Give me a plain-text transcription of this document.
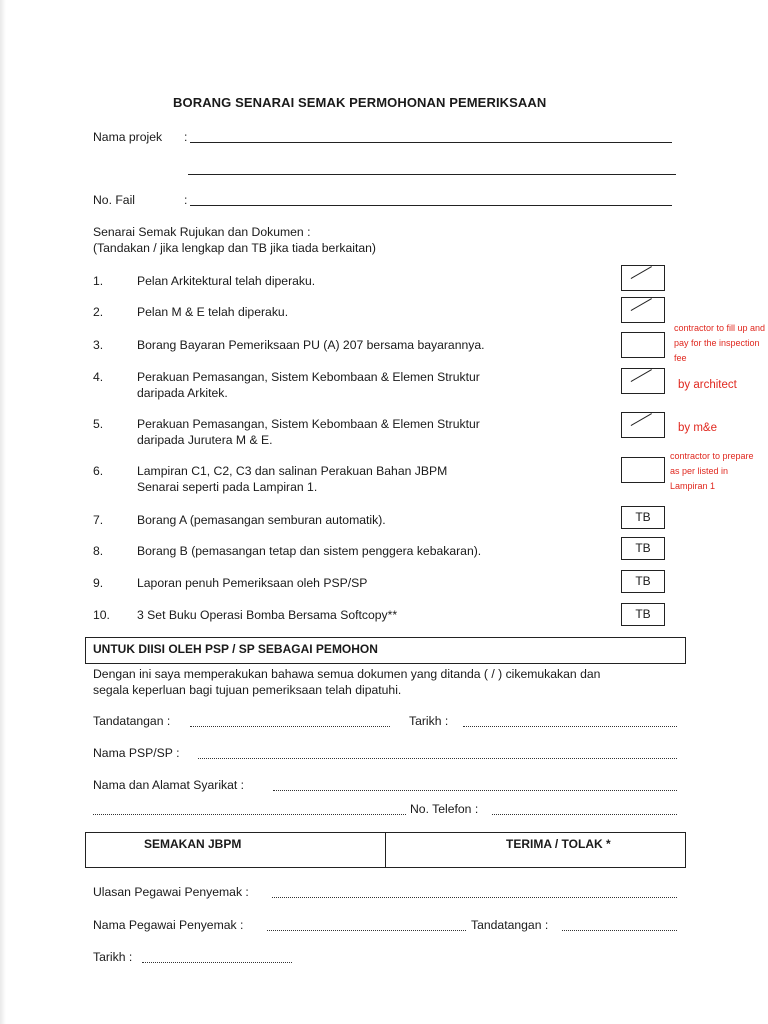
BORANG SENARAI SEMAK PERMOHONAN PEMERIKSAAN
Nama projek :
No. Fail	:
Senarai Semak Rujukan dan Dokumen :
(Tandakan / jika lengkap dan TB jika tiada berkaitan)
1.	Pelan Arkitektural telah diperaku.
2.	Pelan M & E telah diperaku.
3.	Borang Bayaran Pemeriksaan PU (A) 207 bersama bayarannya.
contractor to fill up and pay for the inspection fee
4.	Perakuan Pemasangan, Sistem Kebombaan & Elemen Struktur
daripada Arkitek.
by architect
5.	Perakuan Pemasangan, Sistem Kebombaan & Elemen Struktur
daripada Jurutera M & E.
by m&e
6.	Lampiran C1, C2, C3 dan salinan Perakuan Bahan JBPM
Senarai seperti pada Lampiran 1.
contractor to prepare as per listed in Lampiran 1
7.	Borang A (pemasangan semburan automatik).	TB
8.	Borang B (pemasangan tetap dan sistem penggera kebakaran).	TB
9.	Laporan penuh Pemeriksaan oleh PSP/SP	TB
10. 3 Set Buku Operasi Bomba Bersama Softcopy**	TB
UNTUK DIISI OLEH PSP / SP SEBAGAI PEMOHON
Dengan ini saya memperakukan bahawa semua dokumen yang ditanda ( / ) cikemukakan dan
segala keperluan bagi tujuan pemeriksaan telah dipatuhi.
Tandatangan :	Tarikh :
Nama PSP/SP :
Nama dan Alamat Syarikat :
No. Telefon :
SEMAKAN JBPM	TERIMA / TOLAK *
Ulasan Pegawai Penyemak :
Nama Pegawai Penyemak :	Tandatangan :
Tarikh :
